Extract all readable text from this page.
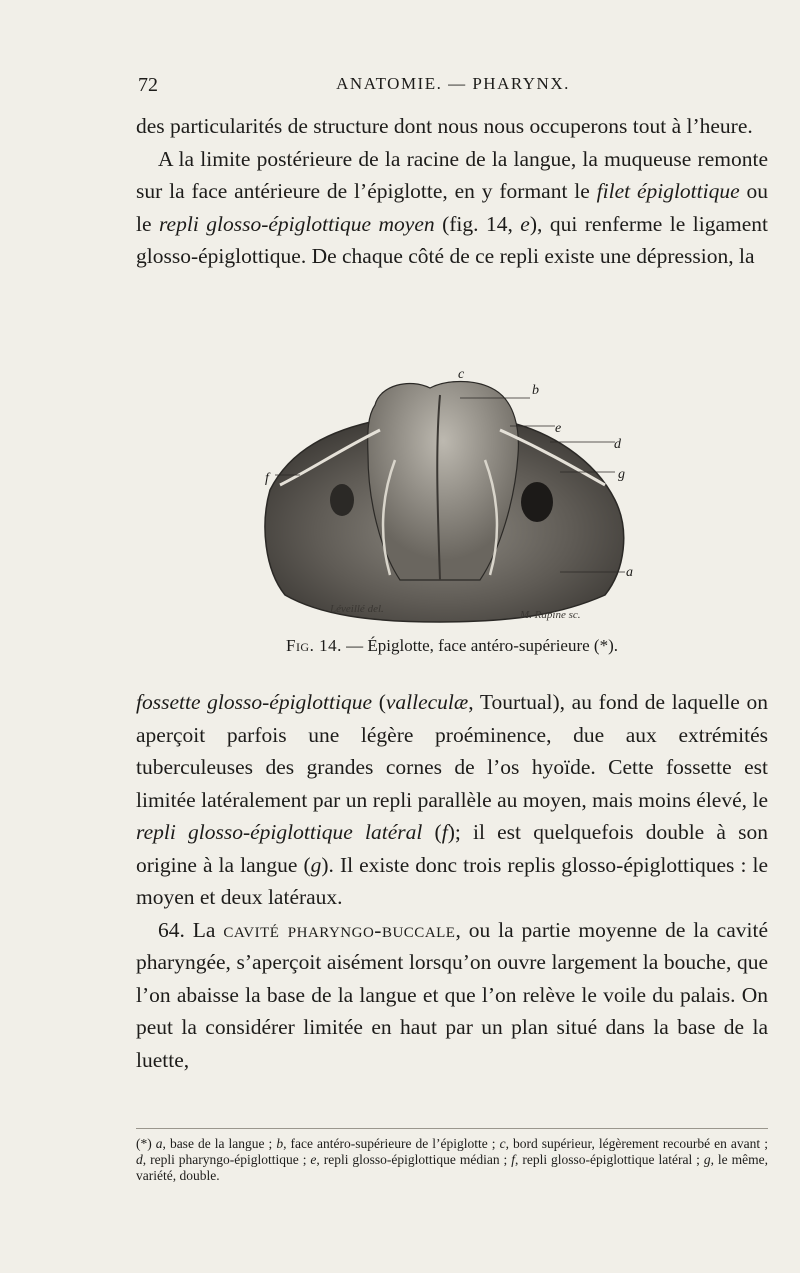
72	ANATOMIE. — PHARYNX.

des particularités de structure dont nous nous occuperons tout à l’heure.

A la limite postérieure de la racine de la langue, la muqueuse remonte sur la face antérieure de l’épiglotte, en y formant le filet épiglottique ou le repli glosso-épiglottique moyen (fig. 14, e), qui renferme le ligament glosso-épiglottique. De chaque côté de ce repli existe une dépression, la

c
b
e
d
g
f
a
Léveillé del.	M. Rapine sc.
Fig. 14. — Épiglotte, face antéro-supérieure (*).

fossette glosso-épiglottique (valleculæ, Tourtual), au fond de laquelle on aperçoit parfois une légère proéminence, due aux extrémités tuberculeuses des grandes cornes de l’os hyoïde. Cette fossette est limitée latéralement par un repli parallèle au moyen, mais moins élevé, le repli glosso-épiglottique latéral (f); il est quelquefois double à son origine à la langue (g). Il existe donc trois replis glosso-épiglottiques : le moyen et deux latéraux.

64. La cavité pharyngo-buccale, ou la partie moyenne de la cavité pharyngée, s’aperçoit aisément lorsqu’on ouvre largement la bouche, que l’on abaisse la base de la langue et que l’on relève le voile du palais. On peut la considérer limitée en haut par un plan situé dans la base de la luette,

(*) a, base de la langue ; b, face antéro-supérieure de l’épiglotte ; c, bord supérieur, légèrement recourbé en avant ; d, repli pharyngo-épiglottique ; e, repli glosso-épiglottique médian ; f, repli glosso-épiglottique latéral ; g, le même, variété, double.
